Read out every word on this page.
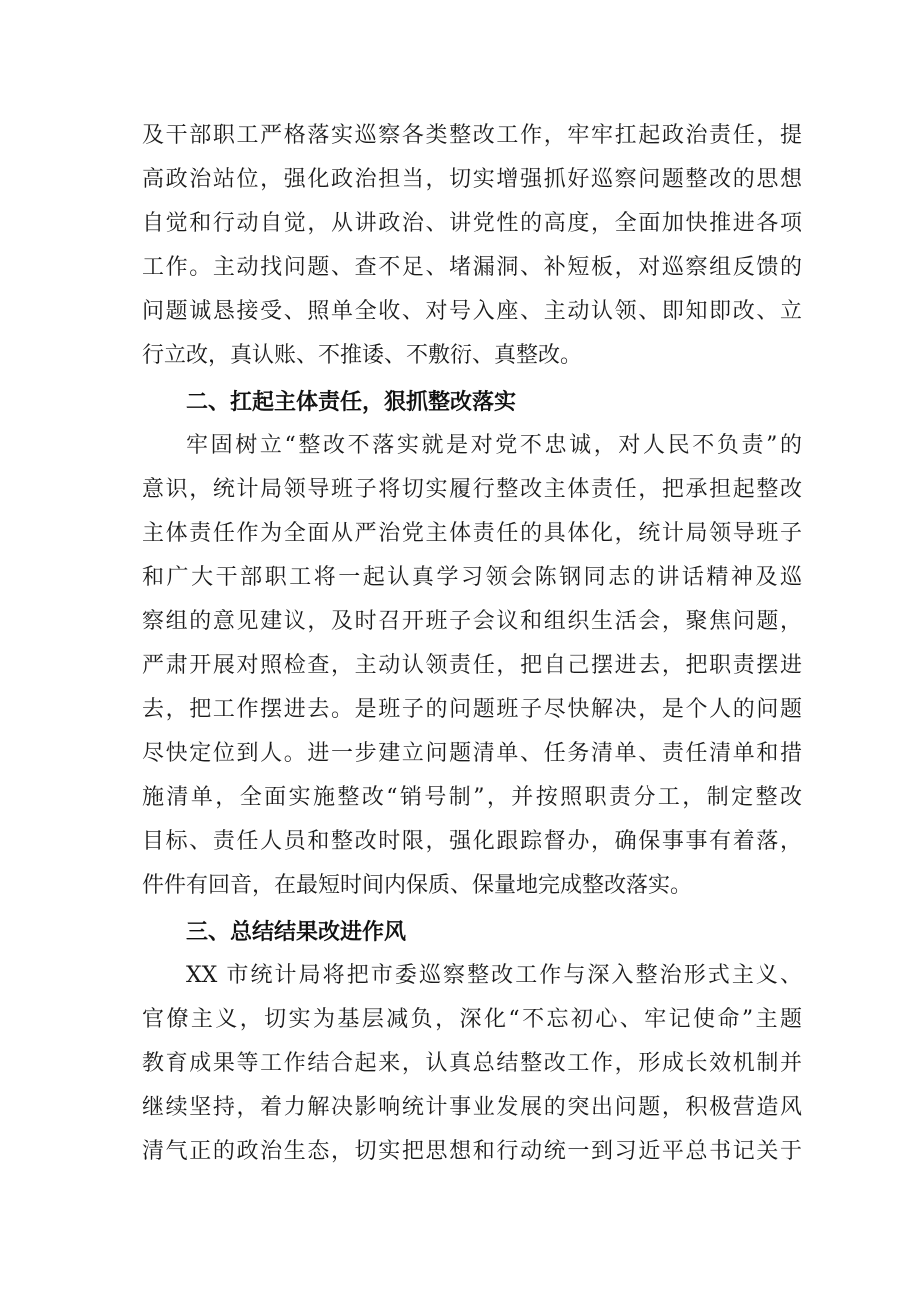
及干部职工严格落实巡察各类整改工作，牢牢扛起政治责任，提
高政治站位，强化政治担当，切实增强抓好巡察问题整改的思想
自觉和行动自觉，从讲政治、讲党性的高度，全面加快推进各项
工作。主动找问题、查不足、堵漏洞、补短板，对巡察组反馈的
问题诚恳接受、照单全收、对号入座、主动认领、即知即改、立
行立改，真认账、不推诿、不敷衍、真整改。
二、扛起主体责任，狠抓整改落实
牢固树立“整改不落实就是对党不忠诚，对人民不负责”的
意识，统计局领导班子将切实履行整改主体责任，把承担起整改
主体责任作为全面从严治党主体责任的具体化，统计局领导班子
和广大干部职工将一起认真学习领会陈钢同志的讲话精神及巡
察组的意见建议，及时召开班子会议和组织生活会，聚焦问题，
严肃开展对照检查，主动认领责任，把自己摆进去，把职责摆进
去，把工作摆进去。是班子的问题班子尽快解决，是个人的问题
尽快定位到人。进一步建立问题清单、任务清单、责任清单和措
施清单，全面实施整改“销号制”，并按照职责分工，制定整改
目标、责任人员和整改时限，强化跟踪督办，确保事事有着落，
件件有回音，在最短时间内保质、保量地完成整改落实。
三、总结结果改进作风
XX 市统计局将把市委巡察整改工作与深入整治形式主义、
官僚主义，切实为基层减负，深化“不忘初心、牢记使命”主题
教育成果等工作结合起来，认真总结整改工作，形成长效机制并
继续坚持，着力解决影响统计事业发展的突出问题，积极营造风
清气正的政治生态，切实把思想和行动统一到习近平总书记关于
